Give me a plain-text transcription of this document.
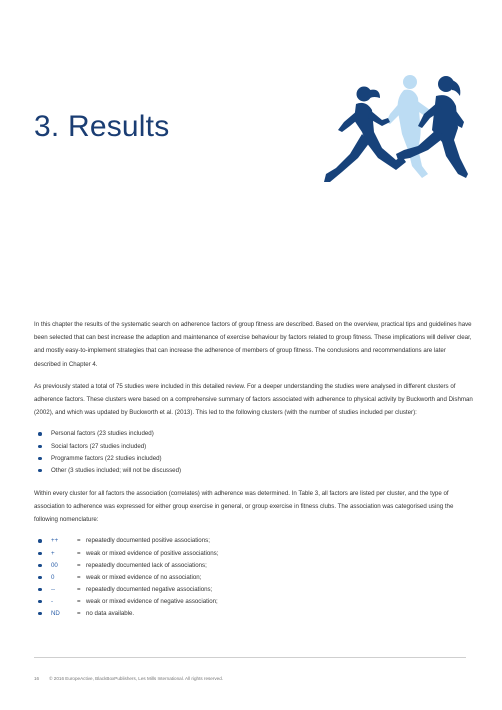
3. Results

In this chapter the results of the systematic search on adherence factors of group fitness are described. Based on the overview, practical tips and guidelines have been selected that can best increase the adaption and maintenance of exercise behaviour by factors related to group fitness. These implications will deliver clear, and mostly easy-to-implement strategies that can increase the adherence of members of group fitness. The conclusions and recommendations are later described in Chapter 4.

As previously stated a total of 75 studies were included in this detailed review. For a deeper understanding the studies were analysed in different clusters of adherence factors. These clusters were based on a comprehensive summary of factors associated with adherence to physical activity by Buckworth and Dishman (2002), and which was updated by Buckworth et al. (2013). This led to the following clusters (with the number of studies included per cluster):

Personal factors (23 studies included)
Social factors (27 studies included)
Programme factors (22 studies included)
Other (3 studies included; will not be discussed)

Within every cluster for all factors the association (correlates) with adherence was determined. In Table 3, all factors are listed per cluster, and the type of association to adherence was expressed for either group exercise in general, or group exercise in fitness clubs. The association was categorised using the following nomenclature:

++	= repeatedly documented positive associations;
+	= weak or mixed evidence of positive associations;
00	= repeatedly documented lack of associations;
0	= weak or mixed evidence of no association;
--	= repeatedly documented negative associations;
-	= weak or mixed evidence of negative association;
ND	= no data available.
16 © 2016 EuropeActive, BlackBoxPublishers, Les Mills International. All rights reserved.
